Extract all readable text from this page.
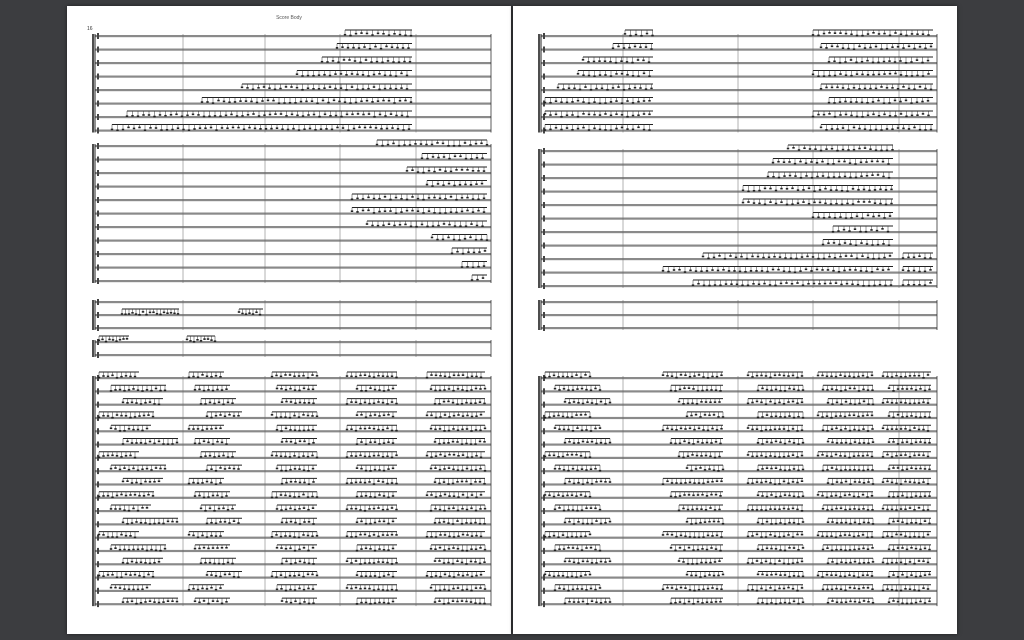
Score Body
16
